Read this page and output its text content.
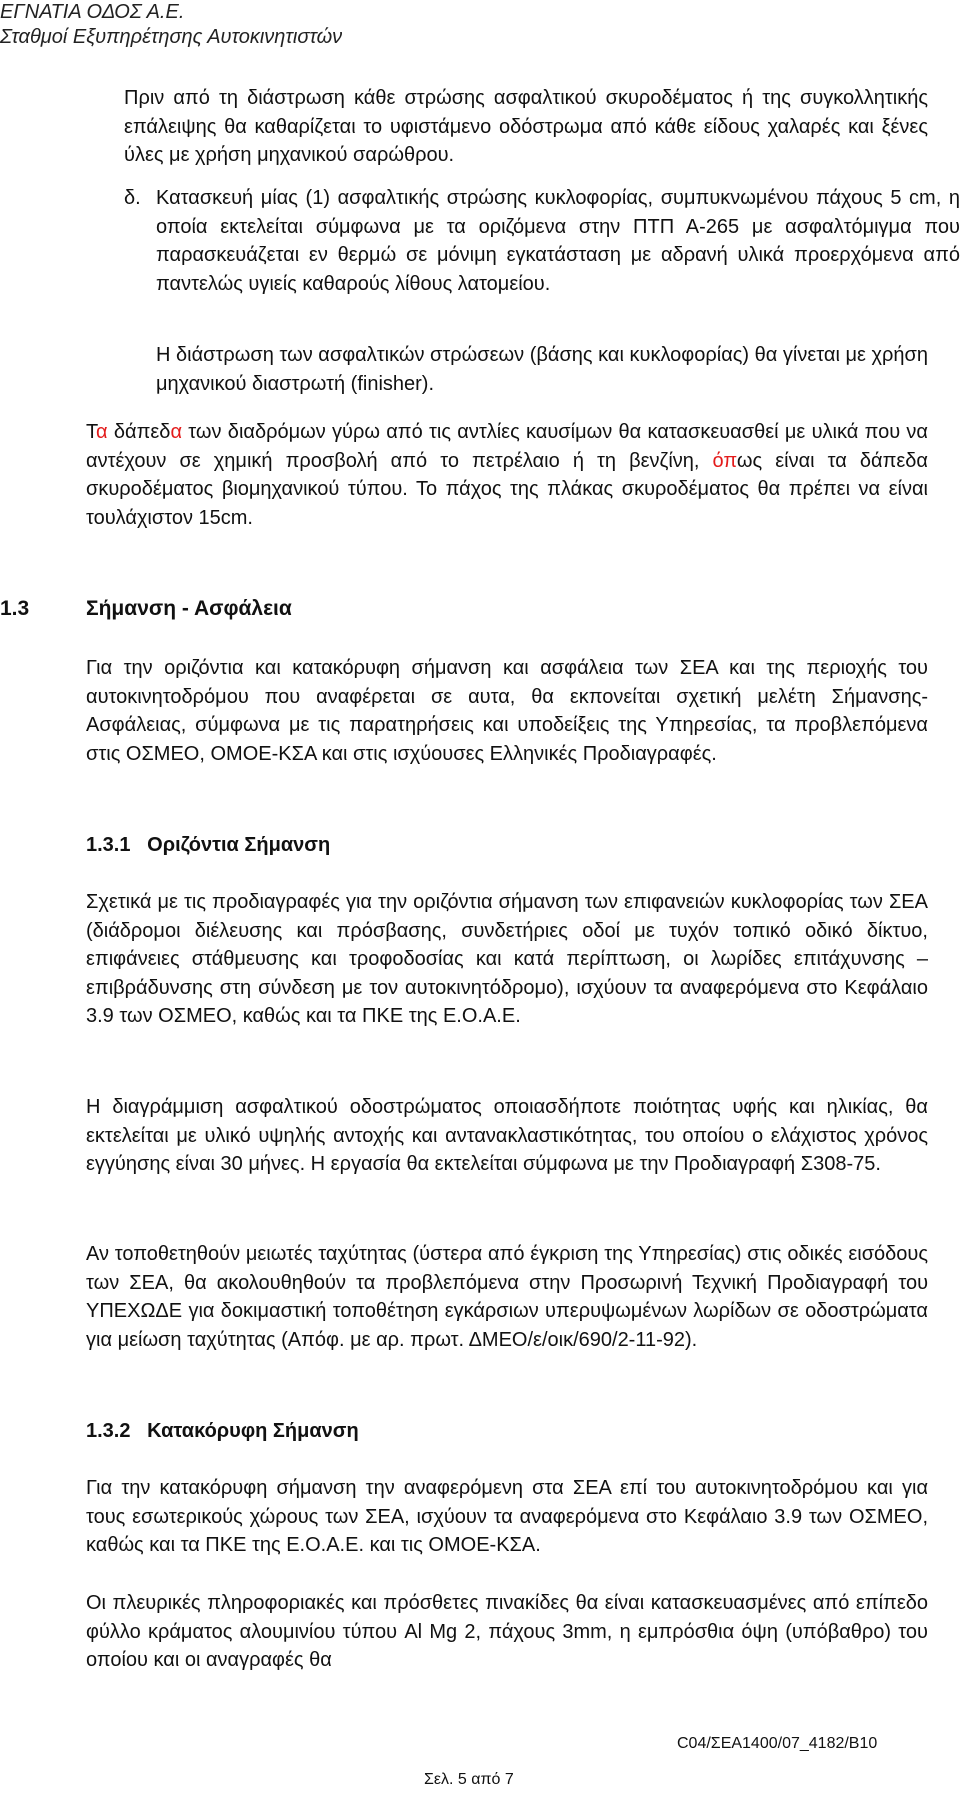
ΕΓΝΑΤΙΑ ΟΔΟΣ Α.Ε.
Σταθμοί Εξυπηρέτησης Αυτοκινητιστών

Πριν από τη διάστρωση κάθε στρώσης ασφαλτικού σκυροδέματος ή της συγκολλητικής επάλειψης θα καθαρίζεται το υφιστάμενο οδόστρωμα από κάθε είδους χαλαρές και ξένες ύλες με χρήση μηχανικού σαρώθρου.

δ. Κατασκευή μίας (1) ασφαλτικής στρώσης κυκλοφορίας, συμπυκνωμένου πάχους 5 cm, η οποία εκτελείται σύμφωνα με τα οριζόμενα στην ΠΤΠ Α-265 με ασφαλτόμιγμα που παρασκευάζεται εν θερμώ σε μόνιμη εγκατάσταση με αδρανή υλικά προερχόμενα από παντελώς υγιείς καθαρούς λίθους λατομείου.

Η διάστρωση των ασφαλτικών στρώσεων (βάσης και κυκλοφορίας) θα γίνεται με χρήση μηχανικού διαστρωτή (finisher).

Τα δάπεδα των διαδρόμων γύρω από τις αντλίες καυσίμων θα κατασκευασθεί με υλικά που να αντέχουν σε χημική προσβολή από το πετρέλαιο ή τη βενζίνη, όπως είναι τα δάπεδα σκυροδέματος βιομηχανικού τύπου. Το πάχος της πλάκας σκυροδέματος θα πρέπει να είναι τουλάχιστον 15cm.

1.3	Σήμανση - Ασφάλεια

Για την οριζόντια και κατακόρυφη σήμανση και ασφάλεια των ΣΕΑ και της περιοχής του αυτοκινητοδρόμου που αναφέρεται σε αυτα, θα εκπονείται σχετική μελέτη Σήμανσης-Ασφάλειας, σύμφωνα με τις παρατηρήσεις και υποδείξεις της Υπηρεσίας, τα προβλεπόμενα στις ΟΣΜΕΟ, ΟΜΟΕ-ΚΣΑ και στις ισχύουσες Ελληνικές Προδιαγραφές.

1.3.1   Οριζόντια Σήμανση

Σχετικά με τις προδιαγραφές για την οριζόντια σήμανση των επιφανειών κυκλοφορίας των ΣΕΑ (διάδρομοι διέλευσης και πρόσβασης, συνδετήριες οδοί με τυχόν τοπικό οδικό δίκτυο, επιφάνειες στάθμευσης και τροφοδοσίας και κατά περίπτωση, οι λωρίδες επιτάχυνσης – επιβράδυνσης στη σύνδεση με τον αυτοκινητόδρομο), ισχύουν τα αναφερόμενα στο Κεφάλαιο 3.9 των ΟΣΜΕΟ, καθώς και τα ΠΚΕ της Ε.Ο.Α.Ε.

Η διαγράμμιση ασφαλτικού οδοστρώματος οποιασδήποτε ποιότητας υφής και ηλικίας, θα εκτελείται με υλικό υψηλής αντοχής και αντανακλαστικότητας, του οποίου ο ελάχιστος χρόνος εγγύησης είναι 30 μήνες. Η εργασία θα εκτελείται σύμφωνα με την Προδιαγραφή Σ308-75.

Αν τοποθετηθούν μειωτές ταχύτητας (ύστερα από έγκριση της Υπηρεσίας) στις οδικές εισόδους των ΣΕΑ, θα ακολουθηθούν τα προβλεπόμενα στην Προσωρινή Τεχνική Προδιαγραφή του ΥΠΕΧΩΔΕ για δοκιμαστική τοποθέτηση εγκάρσιων υπερυψωμένων λωρίδων σε οδοστρώματα για μείωση ταχύτητας (Απόφ. με αρ. πρωτ. ΔΜΕΟ/ε/οικ/690/2-11-92).

1.3.2   Κατακόρυφη Σήμανση

Για την κατακόρυφη σήμανση την αναφερόμενη στα ΣΕΑ επί του αυτοκινητοδρόμου και για τους εσωτερικούς χώρους των ΣΕΑ, ισχύουν τα αναφερόμενα στο Κεφάλαιο 3.9 των ΟΣΜΕΟ, καθώς και τα ΠΚΕ της Ε.Ο.Α.Ε. και τις ΟΜΟΕ-ΚΣΑ.

Οι πλευρικές πληροφοριακές και πρόσθετες πινακίδες θα είναι κατασκευασμένες από επίπεδο φύλλο κράματος αλουμινίου τύπου Al Mg 2, πάχους 3mm, η εμπρόσθια όψη (υπόβαθρο) του οποίου και οι αναγραφές θα

C04/ΣΕΑ1400/07_4182/B10
Σελ. 5 από 7
